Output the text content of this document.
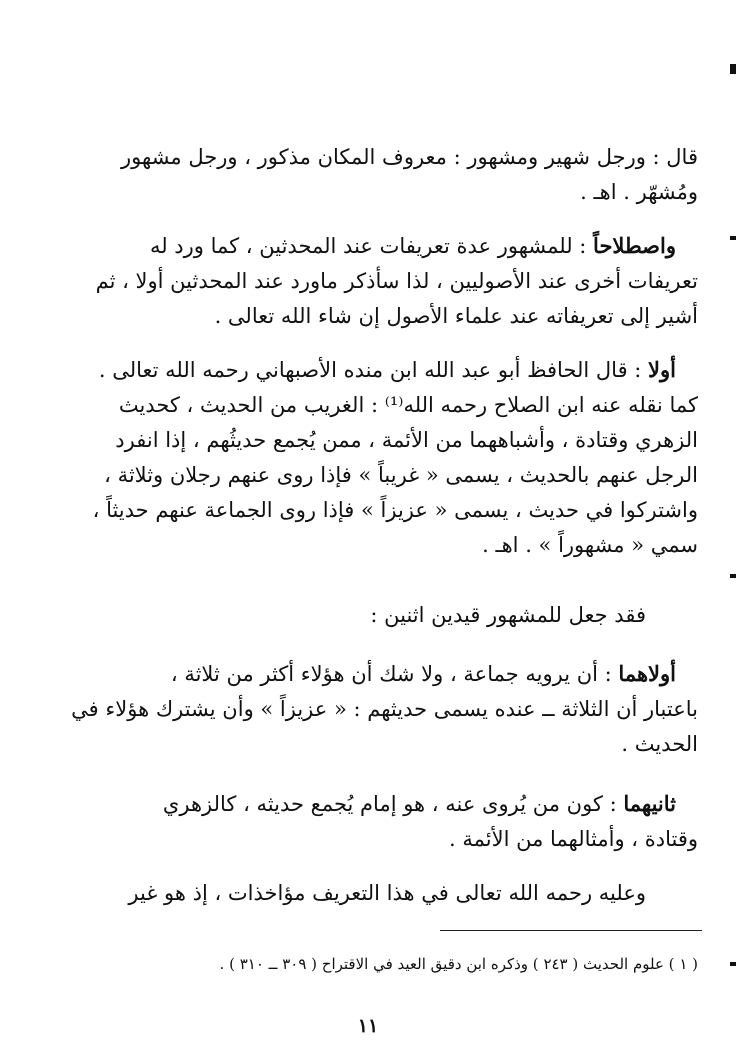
قال : ورجل شهير ومشهور : معروف المكان مذكور ، ورجل مشهور
ومُشهّر . اهـ .
واصطلاحاً : للمشهور عدة تعريفات عند المحدثين ، كما ورد له
تعريفات أخرى عند الأصوليين ، لذا سأذكر ماورد عند المحدثين أولا ، ثم
أشير إلى تعريفاته عند علماء الأصول إن شاء الله تعالى .
أولا : قال الحافظ أبو عبد الله ابن منده الأصبهاني رحمه الله تعالى .
كما نقله عنه ابن الصلاح رحمه الله⁽¹⁾ : الغريب من الحديث ، كحديث
الزهري وقتادة ، وأشباههما من الأئمة ، ممن يُجمع حديثُهم ، إذا انفرد
الرجل عنهم بالحديث ، يسمى « غريباً » فإذا روى عنهم رجلان وثلاثة ،
واشتركوا في حديث ، يسمى « عزيزاً » فإذا روى الجماعة عنهم حديثاً ،
سمي « مشهوراً » . اهـ .
فقد جعل للمشهور قيدين اثنين :
أولاهما : أن يرويه جماعة ، ولا شك أن هؤلاء أكثر من ثلاثة ،
باعتبار أن الثلاثة ــ عنده يسمى حديثهم : « عزيزاً » وأن يشترك هؤلاء في
الحديث .
ثانيهما : كون من يُروى عنه ، هو إمام يُجمع حديثه ، كالزهري
وقتادة ، وأمثالهما من الأئمة .
وعليه رحمه الله تعالى في هذا التعريف مؤاخذات ، إذ هو غير
( ١ ) علوم الحديث ( ٢٤٣ ) وذكره ابن دقيق العيد في الاقتراح ( ٣٠٩ ــ ٣١٠ ) .
١١
